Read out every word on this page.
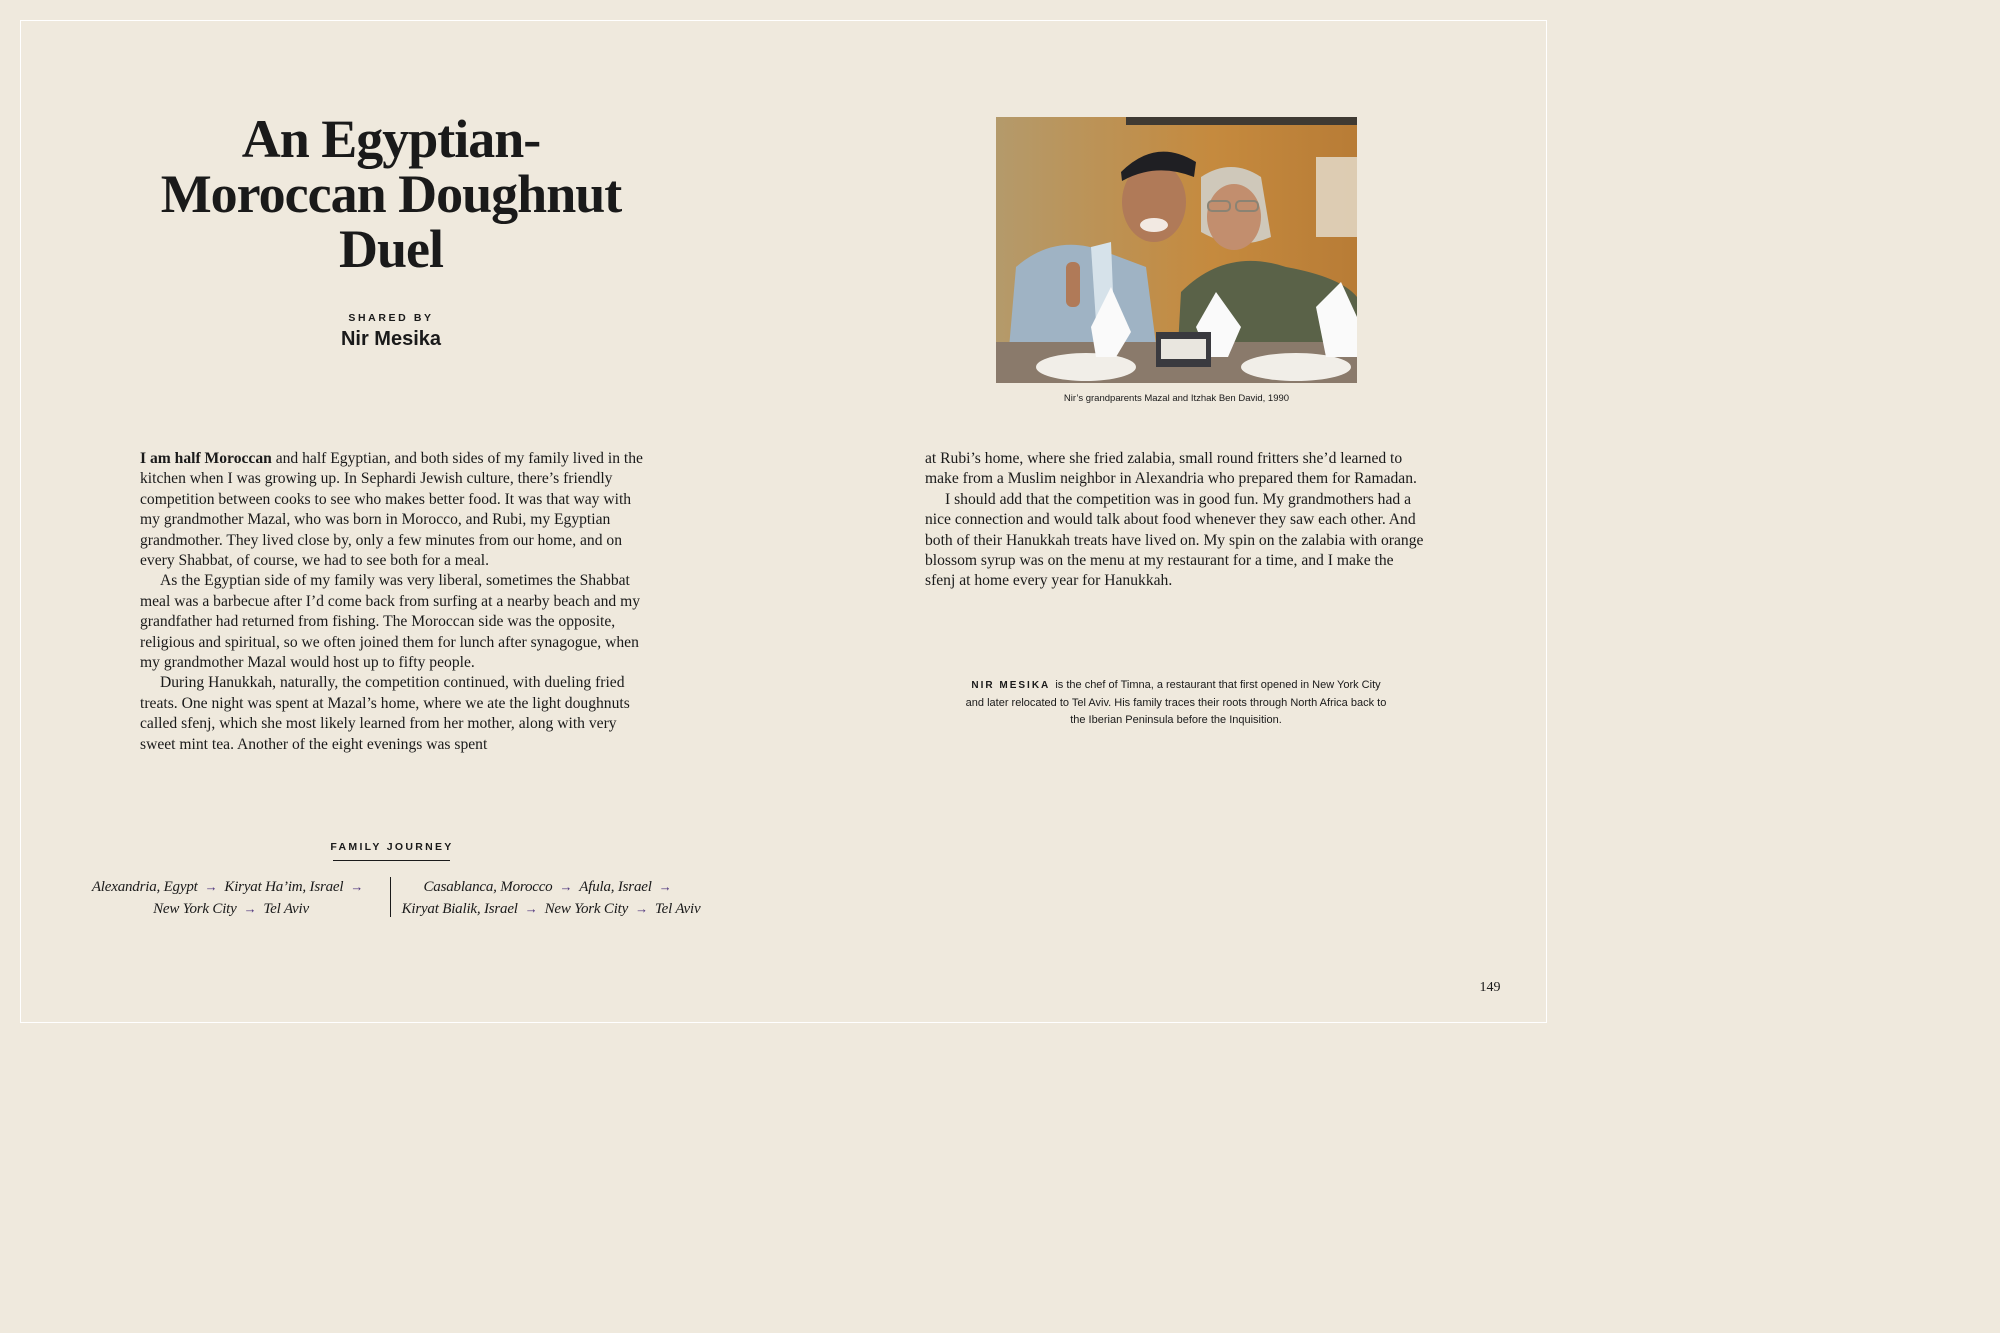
An Egyptian-Moroccan Doughnut Duel
SHARED BY
Nir Mesika

I am half Moroccan and half Egyptian, and both sides of my family lived in the kitchen when I was growing up. In Sephardi Jewish culture, there’s friendly competition between cooks to see who makes better food. It was that way with my grandmother Mazal, who was born in Morocco, and Rubi, my Egyptian grandmother. They lived close by, only a few minutes from our home, and on every Shabbat, of course, we had to see both for a meal.

As the Egyptian side of my family was very liberal, sometimes the Shabbat meal was a barbecue after I’d come back from surfing at a nearby beach and my grandfather had returned from fishing. The Moroccan side was the opposite, religious and spiritual, so we often joined them for lunch after synagogue, when my grandmother Mazal would host up to fifty people.

During Hanukkah, naturally, the competition continued, with dueling fried treats. One night was spent at Mazal’s home, where we ate the light doughnuts called sfenj, which she most likely learned from her mother, along with very sweet mint tea. Another of the eight evenings was spent

Nir’s grandparents Mazal and Itzhak Ben David, 1990

at Rubi’s home, where she fried zalabia, small round fritters she’d learned to make from a Muslim neighbor in Alexandria who prepared them for Ramadan.

I should add that the competition was in good fun. My grandmothers had a nice connection and would talk about food whenever they saw each other. And both of their Hanukkah treats have lived on. My spin on the zalabia with orange blossom syrup was on the menu at my restaurant for a time, and I make the sfenj at home every year for Hanukkah.

NIR MESIKA is the chef of Timna, a restaurant that first opened in New York City and later relocated to Tel Aviv. His family traces their roots through North Africa back to the Iberian Peninsula before the Inquisition.
FAMILY JOURNEY
Alexandria, Egypt → Kiryat Ha’im, Israel →
New York City → Tel Aviv
Casablanca, Morocco → Afula, Israel →
Kiryat Bialik, Israel → New York City → Tel Aviv
149
